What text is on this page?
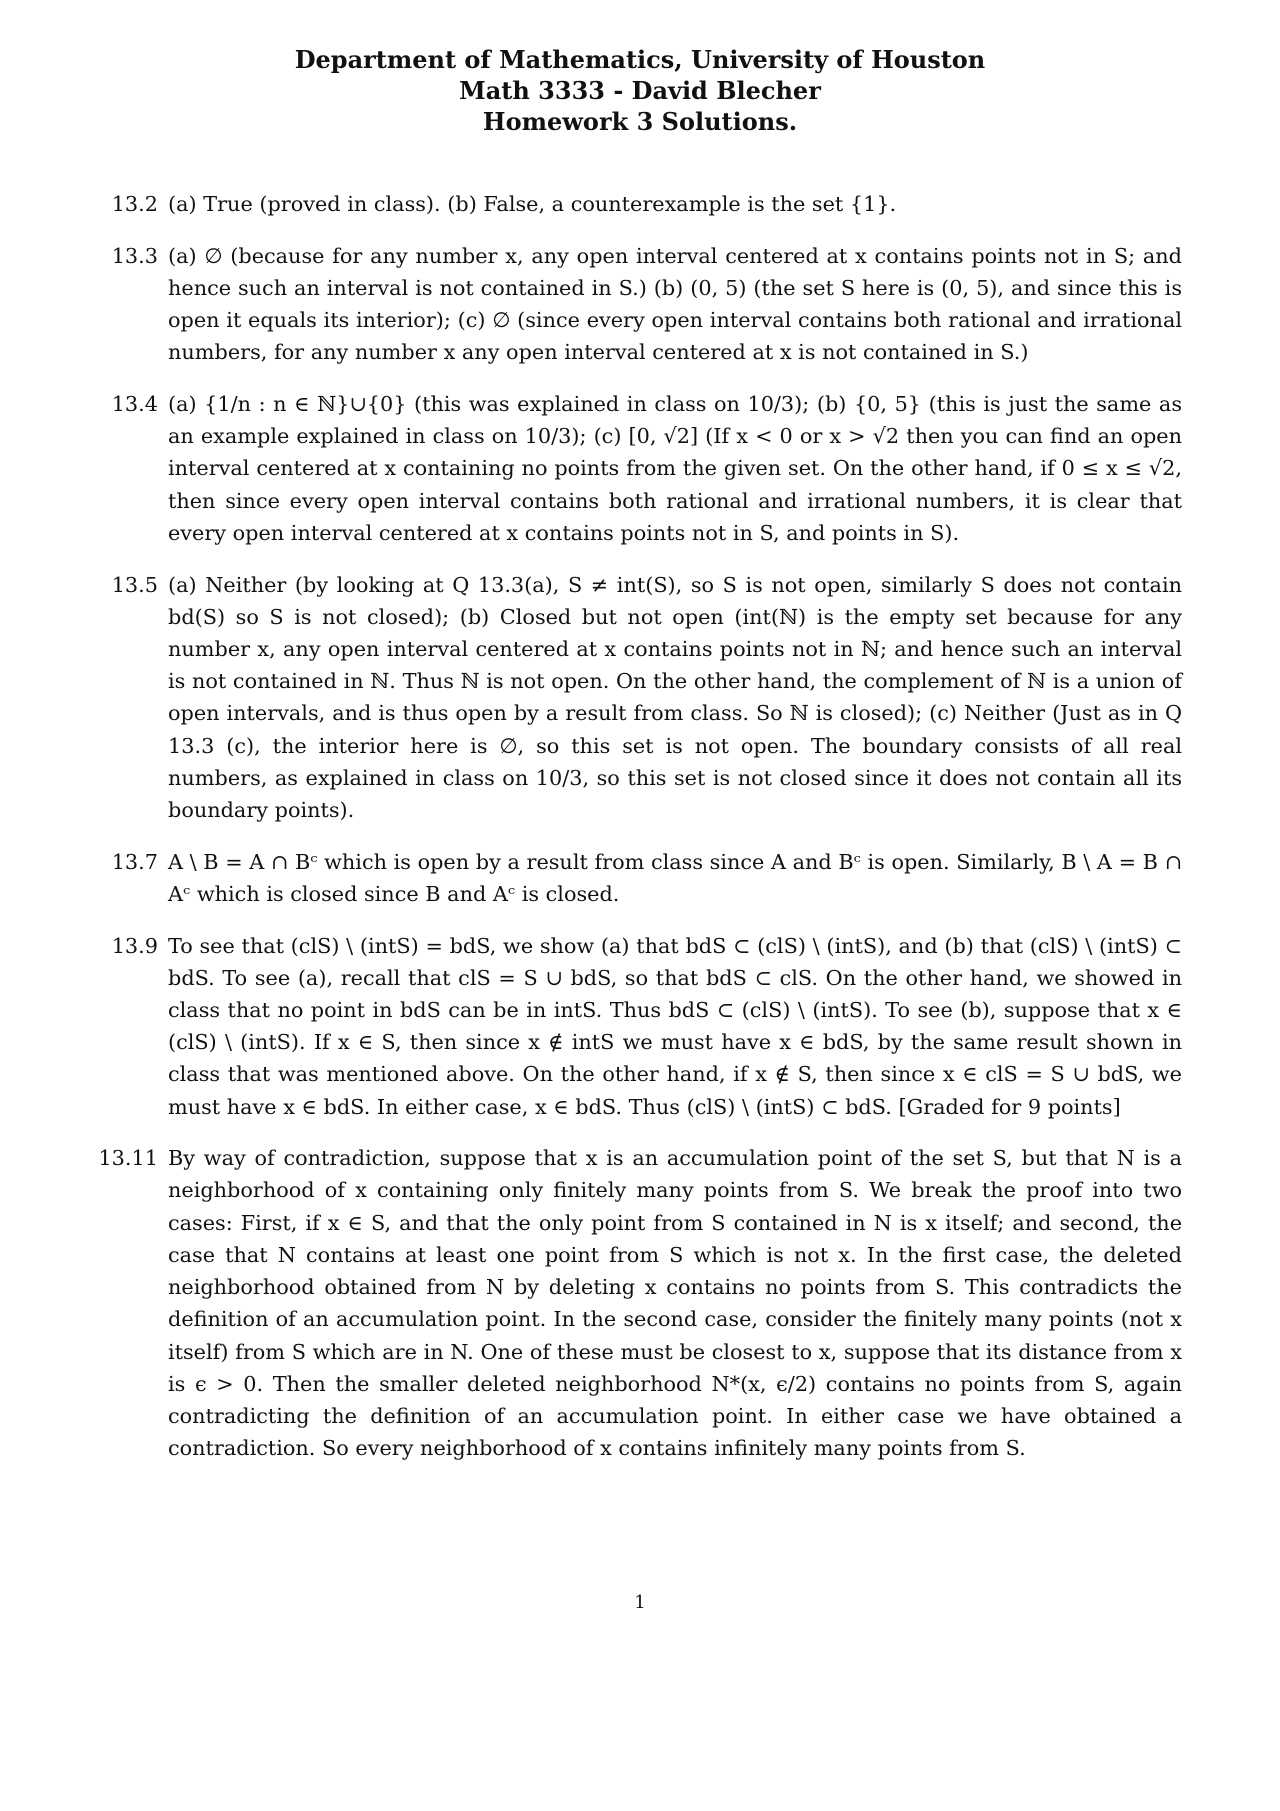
Department of Mathematics, University of Houston
Math 3333 - David Blecher
Homework 3 Solutions.
13.2 (a) True (proved in class). (b) False, a counterexample is the set {1}.
13.3 (a) ∅ (because for any number x, any open interval centered at x contains points not in S; and hence such an interval is not contained in S.) (b) (0, 5) (the set S here is (0, 5), and since this is open it equals its interior); (c) ∅ (since every open interval contains both rational and irrational numbers, for any number x any open interval centered at x is not contained in S.)
13.4 (a) {1/n : n ∈ ℕ}∪{0} (this was explained in class on 10/3); (b) {0, 5} (this is just the same as an example explained in class on 10/3); (c) [0, √2] (If x < 0 or x > √2 then you can find an open interval centered at x containing no points from the given set. On the other hand, if 0 ≤ x ≤ √2, then since every open interval contains both rational and irrational numbers, it is clear that every open interval centered at x contains points not in S, and points in S).
13.5 (a) Neither (by looking at Q 13.3(a), S ≠ int(S), so S is not open, similarly S does not contain bd(S) so S is not closed); (b) Closed but not open (int(ℕ) is the empty set because for any number x, any open interval centered at x contains points not in ℕ; and hence such an interval is not contained in ℕ. Thus ℕ is not open. On the other hand, the complement of ℕ is a union of open intervals, and is thus open by a result from class. So ℕ is closed); (c) Neither (Just as in Q 13.3 (c), the interior here is ∅, so this set is not open. The boundary consists of all real numbers, as explained in class on 10/3, so this set is not closed since it does not contain all its boundary points).
13.7 A \ B = A ∩ Bᶜ which is open by a result from class since A and Bᶜ is open. Similarly, B \ A = B ∩ Aᶜ which is closed since B and Aᶜ is closed.
13.9 To see that (clS) \ (intS) = bdS, we show (a) that bdS ⊂ (clS) \ (intS), and (b) that (clS) \ (intS) ⊂ bdS. To see (a), recall that clS = S ∪ bdS, so that bdS ⊂ clS. On the other hand, we showed in class that no point in bdS can be in intS. Thus bdS ⊂ (clS) \ (intS). To see (b), suppose that x ∈ (clS) \ (intS). If x ∈ S, then since x ∉ intS we must have x ∈ bdS, by the same result shown in class that was mentioned above. On the other hand, if x ∉ S, then since x ∈ clS = S ∪ bdS, we must have x ∈ bdS. In either case, x ∈ bdS. Thus (clS) \ (intS) ⊂ bdS. [Graded for 9 points]
13.11 By way of contradiction, suppose that x is an accumulation point of the set S, but that N is a neighborhood of x containing only finitely many points from S. We break the proof into two cases: First, if x ∈ S, and that the only point from S contained in N is x itself; and second, the case that N contains at least one point from S which is not x. In the first case, the deleted neighborhood obtained from N by deleting x contains no points from S. This contradicts the definition of an accumulation point. In the second case, consider the finitely many points (not x itself) from S which are in N. One of these must be closest to x, suppose that its distance from x is ϵ > 0. Then the smaller deleted neighborhood N*(x, ϵ/2) contains no points from S, again contradicting the definition of an accumulation point. In either case we have obtained a contradiction. So every neighborhood of x contains infinitely many points from S.
1
